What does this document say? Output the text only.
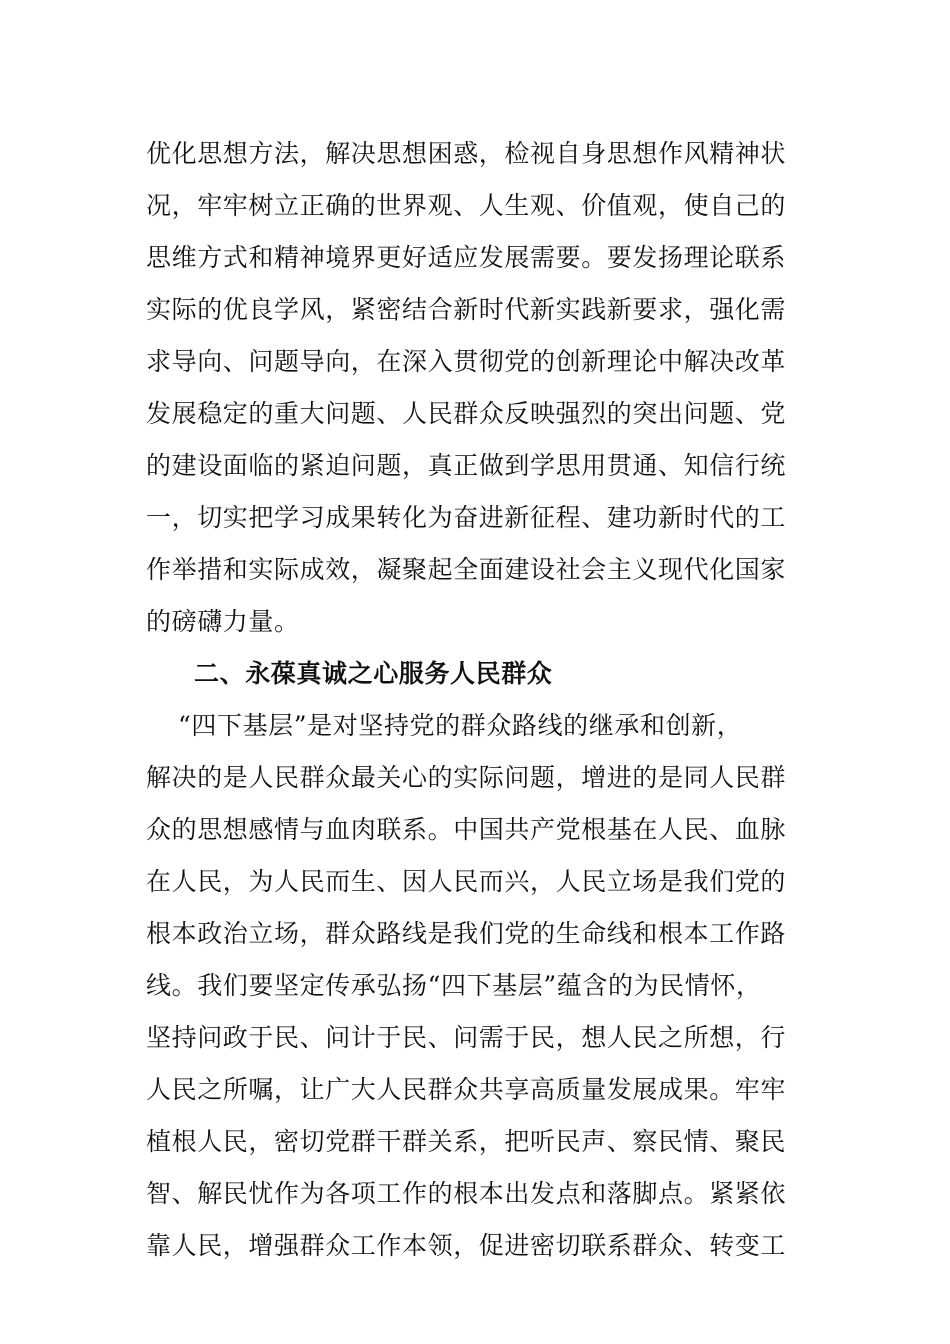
优化思想方法，解决思想困惑，检视自身思想作风精神状
况，牢牢树立正确的世界观、人生观、价值观，使自己的
思维方式和精神境界更好适应发展需要。要发扬理论联系
实际的优良学风，紧密结合新时代新实践新要求，强化需
求导向、问题导向，在深入贯彻党的创新理论中解决改革
发展稳定的重大问题、人民群众反映强烈的突出问题、党
的建设面临的紧迫问题，真正做到学思用贯通、知信行统
一，切实把学习成果转化为奋进新征程、建功新时代的工
作举措和实际成效，凝聚起全面建设社会主义现代化国家
的磅礴力量。
二、永葆真诚之心服务人民群众
“四下基层”是对坚持党的群众路线的继承和创新，
解决的是人民群众最关心的实际问题，增进的是同人民群
众的思想感情与血肉联系。中国共产党根基在人民、血脉
在人民，为人民而生、因人民而兴，人民立场是我们党的
根本政治立场，群众路线是我们党的生命线和根本工作路
线。我们要坚定传承弘扬“四下基层”蕴含的为民情怀，
坚持问政于民、问计于民、问需于民，想人民之所想，行
人民之所嘱，让广大人民群众共享高质量发展成果。牢牢
植根人民，密切党群干群关系，把听民声、察民情、聚民
智、解民忧作为各项工作的根本出发点和落脚点。紧紧依
靠人民，增强群众工作本领，促进密切联系群众、转变工
